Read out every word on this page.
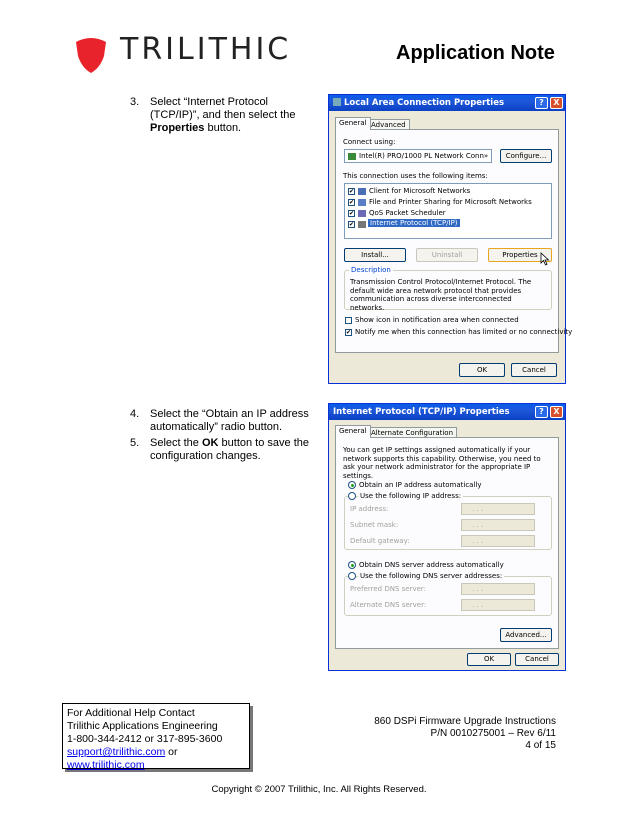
TRILITHIC	Application Note
3. Select “Internet Protocol (TCP/IP)”, and then select the Properties button.
4. Select the “Obtain an IP address automatically” radio button.
5. Select the OK button to save the configuration changes.
Local Area Connection Properties	?	X
General Advanced
Connect using:
Intel(R) PRO/1000 PL Network Conn»	Configure...
This connection uses the following items:
✔ Client for Microsoft Networks
✔ File and Printer Sharing for Microsoft Networks
✔ QoS Packet Scheduler
✔ Internet Protocol (TCP/IP)
Install...	Uninstall	Properties
Description
Transmission Control Protocol/Internet Protocol. The default wide area network protocol that provides communication across diverse interconnected networks.
Show icon in notification area when connected
✔ Notify me when this connection has limited or no connectivity
OK	Cancel
Internet Protocol (TCP/IP) Properties	?	X
General Alternate Configuration
You can get IP settings assigned automatically if your network supports this capability. Otherwise, you need to ask your network administrator for the appropriate IP settings.
Obtain an IP address automatically
Use the following IP address:
IP address:	. . .
Subnet mask:	. . .
Default gateway:	. . .
Obtain DNS server address automatically
Use the following DNS server addresses:
Preferred DNS server:	. . .
Alternate DNS server:	. . .
Advanced...
OK	Cancel
For Additional Help Contact
Trilithic Applications Engineering
1-800-344-2412 or 317-895-3600
support@trilithic.com or
www.trilithic.com
860 DSPi Firmware Upgrade Instructions
P/N 0010275001 – Rev 6/11
4 of 15
Copyright © 2007 Trilithic, Inc. All Rights Reserved.
